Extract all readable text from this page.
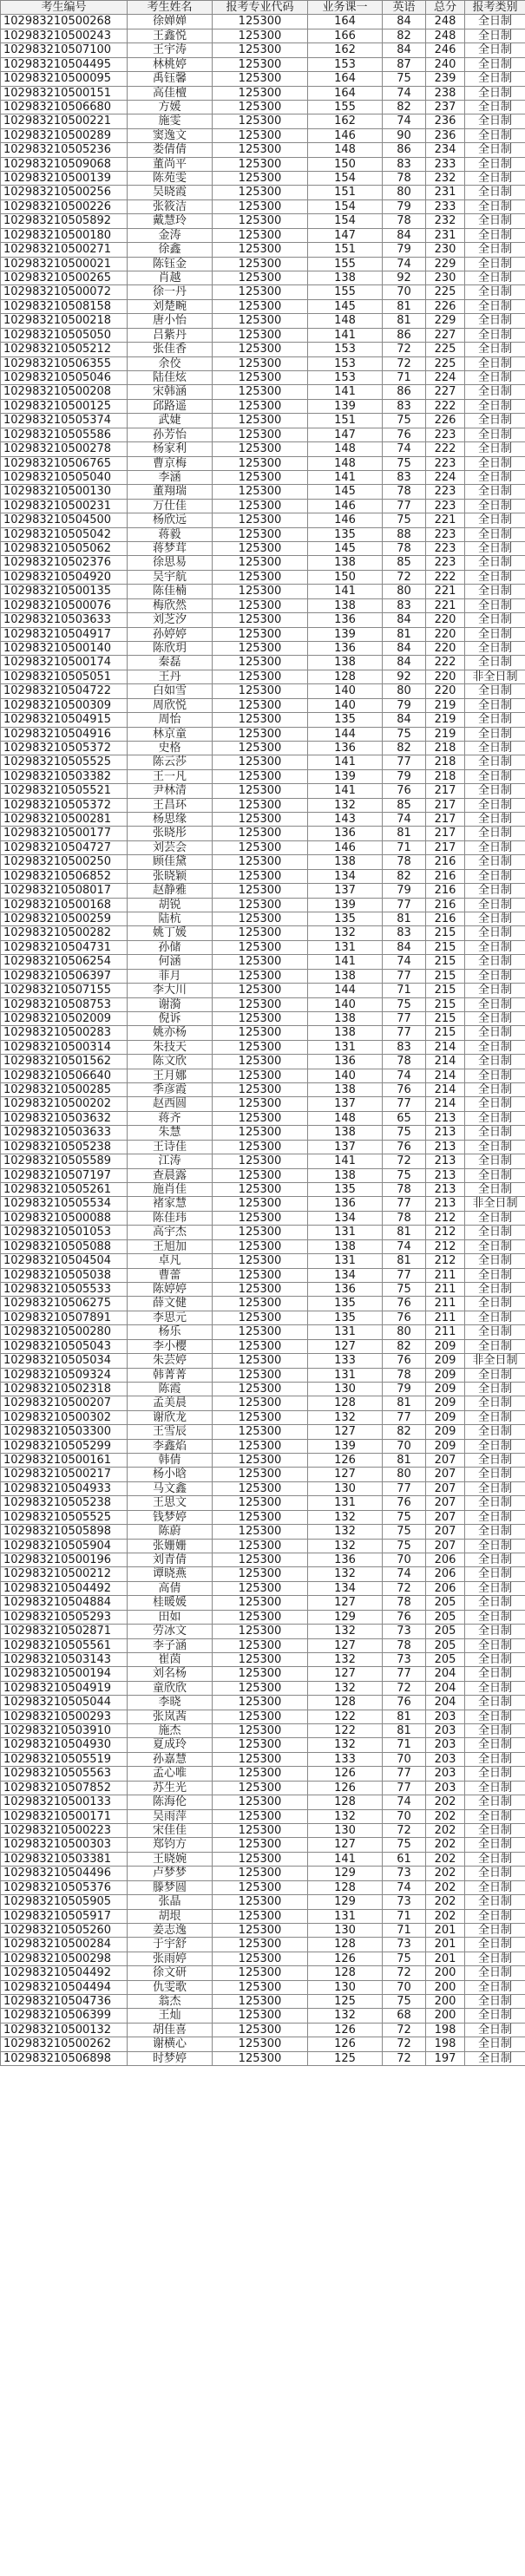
考生编号	考生姓名	报考专业代码	业务课一	英语	总分	报考类别
102983210500268	徐婵婵	125300	164	84	248	全日制
102983210500243	王鑫悦	125300	166	82	248	全日制
102983210507100	王宇涛	125300	162	84	246	全日制
102983210504495	林桃婷	125300	153	87	240	全日制
102983210500095	禹钰馨	125300	164	75	239	全日制
102983210500151	高佳檀	125300	164	74	238	全日制
102983210506680	方媛	125300	155	82	237	全日制
102983210500221	施雯	125300	162	74	236	全日制
102983210500289	窦逸文	125300	146	90	236	全日制
102983210505236	娄倩倩	125300	148	86	234	全日制
102983210509068	董尚平	125300	150	83	233	全日制
102983210500139	陈苑雯	125300	154	78	232	全日制
102983210500256	吴晓霞	125300	151	80	231	全日制
102983210500226	张筱洁	125300	154	79	233	全日制
102983210505892	戴慧玲	125300	154	78	232	全日制
102983210500180	金涛	125300	147	84	231	全日制
102983210500271	徐鑫	125300	151	79	230	全日制
102983210500021	陈钰金	125300	155	74	229	全日制
102983210500265	肖越	125300	138	92	230	全日制
102983210500072	徐一丹	125300	155	70	225	全日制
102983210508158	刘楚畹	125300	145	81	226	全日制
102983210500218	唐小怡	125300	148	81	229	全日制
102983210505050	吕紫丹	125300	141	86	227	全日制
102983210505212	张佳香	125300	153	72	225	全日制
102983210506355	余佼	125300	153	72	225	全日制
102983210505046	陆佳炫	125300	153	71	224	全日制
102983210500208	宋韩涵	125300	141	86	227	全日制
102983210500125	邱路遥	125300	139	83	222	全日制
102983210505374	武婕	125300	151	75	226	全日制
102983210505586	孙芳怡	125300	147	76	223	全日制
102983210500278	杨家利	125300	148	74	222	全日制
102983210506765	曹京梅	125300	148	75	223	全日制
102983210505040	李涵	125300	141	83	224	全日制
102983210500130	董翔瑞	125300	145	78	223	全日制
102983210500231	万仕佳	125300	146	77	223	全日制
102983210504500	杨欣远	125300	146	75	221	全日制
102983210505042	蒋毅	125300	135	88	223	全日制
102983210505062	蒋梦茸	125300	145	78	223	全日制
102983210502376	徐思易	125300	138	85	223	全日制
102983210504920	吴宇航	125300	150	72	222	全日制
102983210500135	陈佳楠	125300	141	80	221	全日制
102983210500076	梅欣然	125300	138	83	221	全日制
102983210503633	刘芝汐	125300	136	84	220	全日制
102983210504917	孙婷婷	125300	139	81	220	全日制
102983210500140	陈欣玥	125300	136	84	220	全日制
102983210500174	秦磊	125300	138	84	222	全日制
102983210505051	王丹	125300	128	92	220	非全日制
102983210504722	白如雪	125300	140	80	220	全日制
102983210500309	周欣悦	125300	140	79	219	全日制
102983210504915	周怡	125300	135	84	219	全日制
102983210504916	林京童	125300	144	75	219	全日制
102983210505372	史格	125300	136	82	218	全日制
102983210505525	陈云莎	125300	141	77	218	全日制
102983210503382	王一凡	125300	139	79	218	全日制
102983210505521	尹林清	125300	141	76	217	全日制
102983210505372	王昌环	125300	132	85	217	全日制
102983210500281	杨思缘	125300	143	74	217	全日制
102983210500177	张晓彤	125300	136	81	217	全日制
102983210504727	刘芸会	125300	146	71	217	全日制
102983210500250	顾佳黛	125300	138	78	216	全日制
102983210506852	张晓颖	125300	134	82	216	全日制
102983210508017	赵静雅	125300	137	79	216	全日制
102983210500168	胡锐	125300	139	77	216	全日制
102983210500259	陆杭	125300	135	81	216	全日制
102983210500282	姚丁媛	125300	132	83	215	全日制
102983210504731	孙储	125300	131	84	215	全日制
102983210506254	何涵	125300	141	74	215	全日制
102983210506397	菲月	125300	138	77	215	全日制
102983210507155	李大川	125300	144	71	215	全日制
102983210508753	谢漪	125300	140	75	215	全日制
102983210502009	倪诉	125300	138	77	215	全日制
102983210500283	姚亦杨	125300	138	77	215	全日制
102983210500314	朱技天	125300	131	83	214	全日制
102983210501562	陈文欣	125300	136	78	214	全日制
102983210506640	王月娜	125300	140	74	214	全日制
102983210500285	季彦霞	125300	138	76	214	全日制
102983210500202	赵西圆	125300	137	77	214	全日制
102983210503632	蒋齐	125300	148	65	213	全日制
102983210503633	朱慧	125300	138	75	213	全日制
102983210505238	王诗佳	125300	137	76	213	全日制
102983210505589	江涛	125300	141	72	213	全日制
102983210507197	查晨露	125300	138	75	213	全日制
102983210505261	施肖佳	125300	135	78	213	全日制
102983210505534	褚家慧	125300	136	77	213	非全日制
102983210500088	陈佳玮	125300	134	78	212	全日制
102983210501053	高宇杰	125300	131	81	212	全日制
102983210505088	王旭加	125300	138	74	212	全日制
102983210504504	卓凡	125300	131	81	212	全日制
102983210505038	曹蕾	125300	134	77	211	全日制
102983210505533	陈婷婷	125300	136	75	211	全日制
102983210506275	薛文健	125300	135	76	211	全日制
102983210507891	李思元	125300	135	76	211	全日制
102983210500280	杨乐	125300	131	80	211	全日制
102983210505043	李小樱	125300	127	82	209	全日制
102983210505034	朱芸婷	125300	133	76	209	非全日制
102983210509324	韩菁菁	125300	131	78	209	全日制
102983210502318	陈霞	125300	130	79	209	全日制
102983210500207	孟美晨	125300	128	81	209	全日制
102983210500302	谢欣龙	125300	132	77	209	全日制
102983210503300	王雪辰	125300	127	82	209	全日制
102983210505299	李鑫焰	125300	139	70	209	全日制
102983210500161	韩倩	125300	126	81	207	全日制
102983210500217	杨小晗	125300	127	80	207	全日制
102983210504933	马文鑫	125300	130	77	207	全日制
102983210505238	王思文	125300	131	76	207	全日制
102983210505525	钱梦婷	125300	132	75	207	全日制
102983210505898	陈蔚	125300	132	75	207	全日制
102983210505904	张姗姗	125300	132	75	207	全日制
102983210500196	刘青倩	125300	136	70	206	全日制
102983210500212	谭晓燕	125300	132	74	206	全日制
102983210504492	高倩	125300	134	72	206	全日制
102983210504884	桂暖媛	125300	127	78	205	全日制
102983210505293	田如	125300	129	76	205	全日制
102983210502871	劳冰文	125300	132	73	205	全日制
102983210505561	李子涵	125300	127	78	205	全日制
102983210503143	崔茵	125300	132	73	205	全日制
102983210500194	刘名杨	125300	127	77	204	全日制
102983210504919	童欣欣	125300	132	72	204	全日制
102983210505044	李晓	125300	128	76	204	全日制
102983210500293	张岚茜	125300	122	81	203	全日制
102983210503910	施杰	125300	122	81	203	全日制
102983210504930	夏成玲	125300	132	71	203	全日制
102983210505519	孙嘉慧	125300	133	70	203	全日制
102983210505563	孟心唯	125300	126	77	203	全日制
102983210507852	苏生光	125300	126	77	203	全日制
102983210500133	陈海伦	125300	128	74	202	全日制
102983210500171	吴雨萍	125300	132	70	202	全日制
102983210500223	宋佳佳	125300	130	72	202	全日制
102983210500303	郑钧方	125300	127	75	202	全日制
102983210503381	王晓婉	125300	141	61	202	全日制
102983210504496	卢梦梦	125300	129	73	202	全日制
102983210505376	滕梦圆	125300	128	74	202	全日制
102983210505905	张晶	125300	129	73	202	全日制
102983210505917	胡垠	125300	131	71	202	全日制
102983210505260	姜志逸	125300	130	71	201	全日制
102983210500284	于宇舒	125300	128	73	201	全日制
102983210500298	张雨婷	125300	126	75	201	全日制
102983210504492	徐文研	125300	128	72	200	全日制
102983210504494	仇雯歌	125300	130	70	200	全日制
102983210504736	翁杰	125300	125	75	200	全日制
102983210506399	王灿	125300	132	68	200	全日制
102983210500132	胡佳喜	125300	126	72	198	全日制
102983210500262	谢横心	125300	126	72	198	全日制
102983210506898	时梦婷	125300	125	72	197	全日制
